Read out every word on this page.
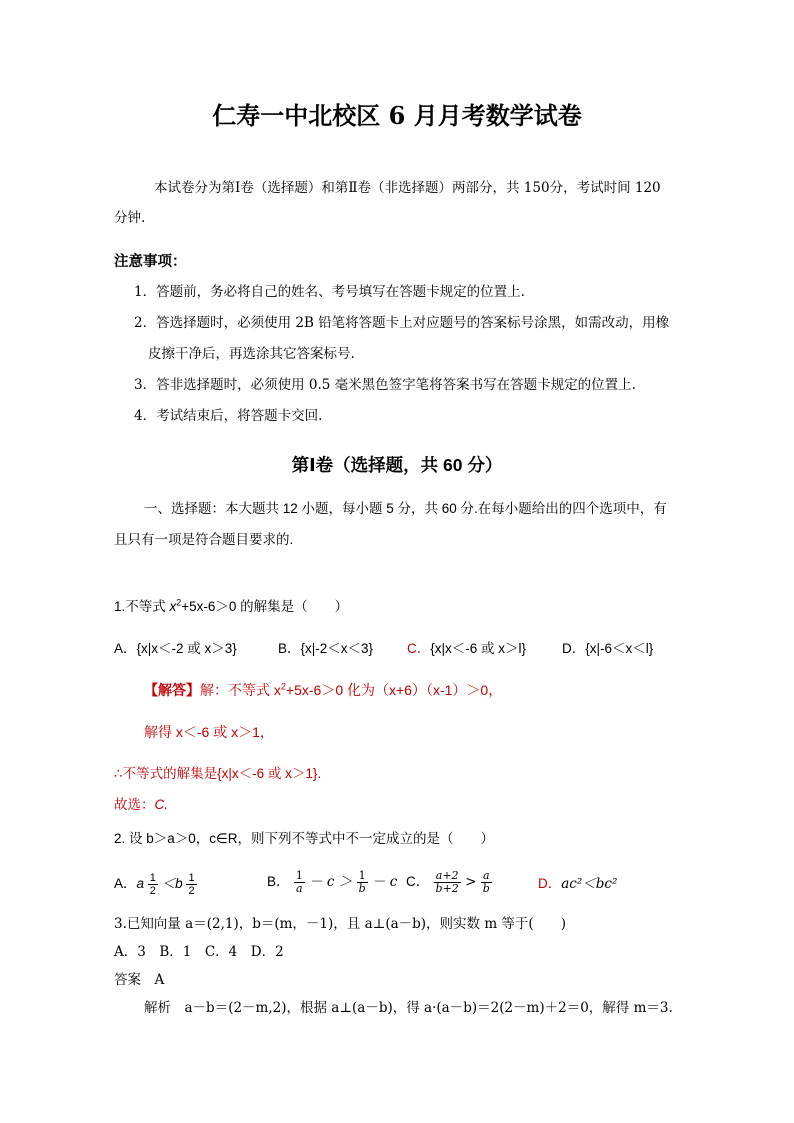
仁寿一中北校区 6 月月考数学试卷
本试卷分为第Ⅰ卷（选择题）和第Ⅱ卷（非选择题）两部分，共 150分，考试时间 120
分钟.
注意事项：
1．答题前，务必将自己的姓名、考号填写在答题卡规定的位置上.
2．答选择题时，必须使用 2B 铅笔将答题卡上对应题号的答案标号涂黑，如需改动，用橡
皮擦干净后，再选涂其它答案标号.
3．答非选择题时，必须使用 0.5 毫米黑色签字笔将答案书写在答题卡规定的位置上.
4．考试结束后，将答题卡交回.
第Ⅰ卷（选择题，共 60 分）
一、选择题：本大题共 12 小题，每小题 5 分，共 60 分.在每小题给出的四个选项中，有
且只有一项是符合题目要求的.
1.不等式 $x^2+5x-6>0$ 的解集是（　　）
A．{x|x＜-2 或 x＞3}	B．{x|-2＜x＜3}	C．{x|x＜-6 或 x＞l}	D．{x|-6＜x＜l}
【解答】解：不等式 $x^2+5x-6>0$ 化为（x+6）（x-1）＞0，
解得 x＜-6 或 x＞1，
∴不等式的解集是{x|x＜-6 或 x＞1}.
故选：C.
2. 设 b＞a＞0，c∈R，则下列不等式中不一定成立的是（　　）
A．a $\frac{1}{2} <b \frac{1}{2}$	B． $\frac{1}{a} - c > \frac{1}{b} - c$ C． $\frac{a+2}{b+2} > \frac{a}{b}$	D．ac²＜bc²
3.已知向量 a＝(2,1)，b＝(m，－1)，且 a⊥(a－b)，则实数 m 等于(　　)
A．3　B．1　C．4　D．2
答案　A
解析　a－b＝(2－m,2)，根据 a⊥(a－b)，得 a·(a－b)＝2(2－m)＋2＝0，解得 m＝3.
